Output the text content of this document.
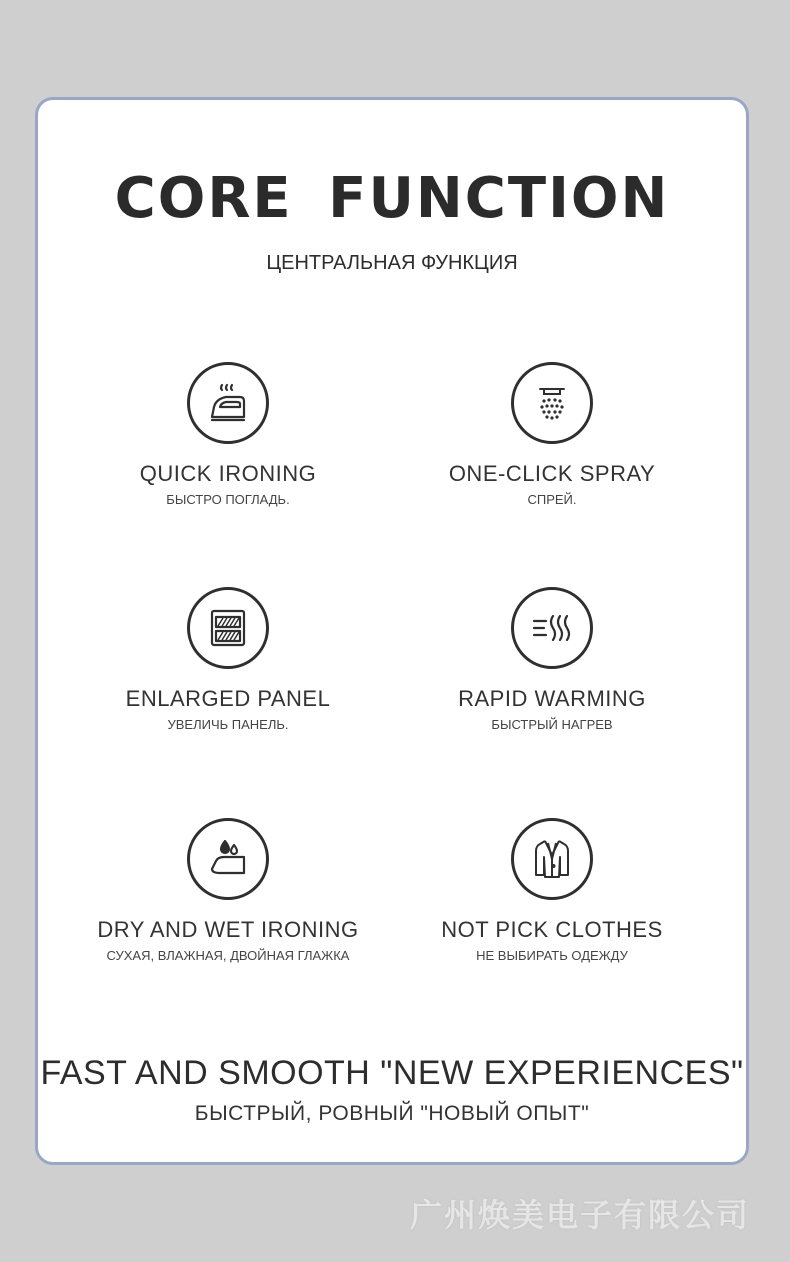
CORE FUNCTION
ЦЕНТРАЛЬНАЯ ФУНКЦИЯ
QUICK IRONING
БЫСТРО ПОГЛАДЬ.
ONE-CLICK SPRAY
СПРЕЙ.
ENLARGED PANEL
УВЕЛИЧЬ ПАНЕЛЬ.
RAPID WARMING
БЫСТРЫЙ НАГРЕВ
DRY AND WET IRONING
СУХАЯ, ВЛАЖНАЯ, ДВОЙНАЯ ГЛАЖКА
NOT PICK CLOTHES
НЕ ВЫБИРАТЬ ОДЕЖДУ
FAST AND SMOOTH "NEW EXPERIENCES"
БЫСТРЫЙ, РОВНЫЙ "НОВЫЙ ОПЫТ"
广州焕美电子有限公司
